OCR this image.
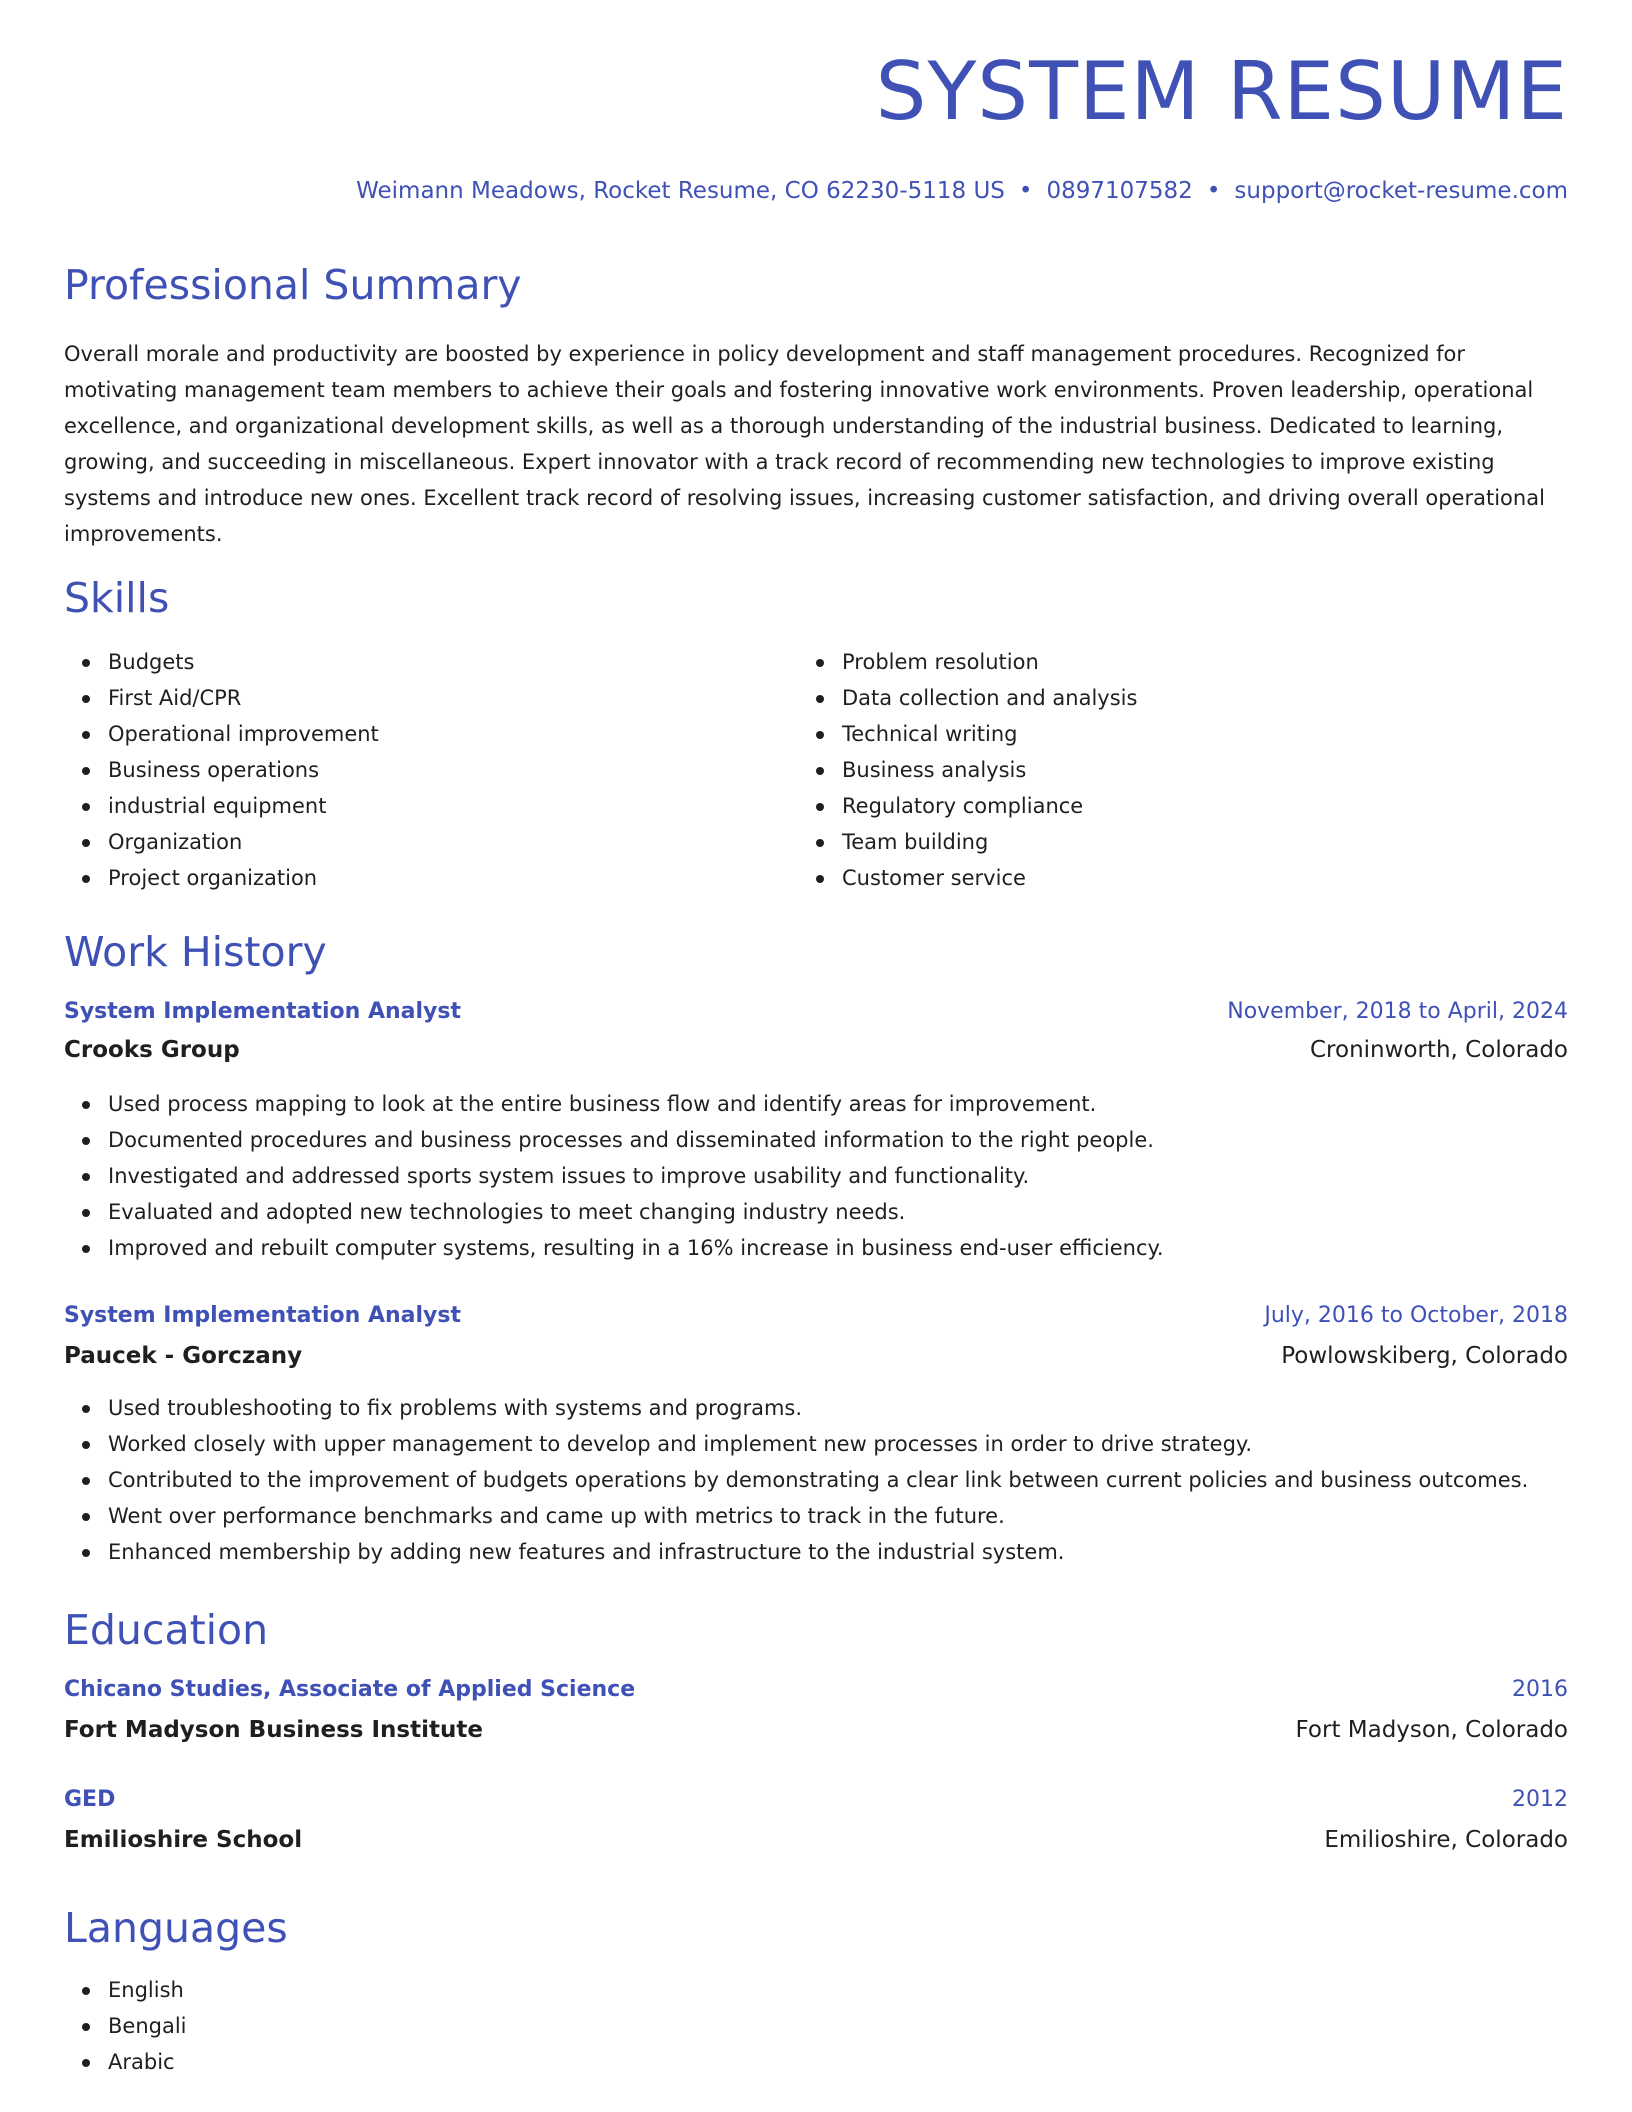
SYSTEM RESUME
Weimann Meadows, Rocket Resume, CO 62230-5118 US • 0897107582 • support@rocket-resume.com
Professional Summary

Overall morale and productivity are boosted by experience in policy development and staff management procedures. Recognized for motivating management team members to achieve their goals and fostering innovative work environments. Proven leadership, operational excellence, and organizational development skills, as well as a thorough understanding of the industrial business. Dedicated to learning, growing, and succeeding in miscellaneous. Expert innovator with a track record of recommending new technologies to improve existing systems and introduce new ones. Excellent track record of resolving issues, increasing customer satisfaction, and driving overall operational improvements.

Skills
Budgets
First Aid/CPR
Operational improvement
Business operations
industrial equipment
Organization
Project organization
Problem resolution
Data collection and analysis
Technical writing
Business analysis
Regulatory compliance
Team building
Customer service
Work History
System Implementation Analyst	November, 2018 to April, 2024
Crooks Group	Croninworth, Colorado
Used process mapping to look at the entire business flow and identify areas for improvement.
Documented procedures and business processes and disseminated information to the right people.
Investigated and addressed sports system issues to improve usability and functionality.
Evaluated and adopted new technologies to meet changing industry needs.
Improved and rebuilt computer systems, resulting in a 16% increase in business end-user efficiency.
System Implementation Analyst	July, 2016 to October, 2018
Paucek - Gorczany	Powlowskiberg, Colorado
Used troubleshooting to fix problems with systems and programs.
Worked closely with upper management to develop and implement new processes in order to drive strategy.
Contributed to the improvement of budgets operations by demonstrating a clear link between current policies and business outcomes.
Went over performance benchmarks and came up with metrics to track in the future.
Enhanced membership by adding new features and infrastructure to the industrial system.
Education
Chicano Studies, Associate of Applied Science	2016
Fort Madyson Business Institute	Fort Madyson, Colorado
GED	2012
Emilioshire School	Emilioshire, Colorado
Languages
English
Bengali
Arabic
